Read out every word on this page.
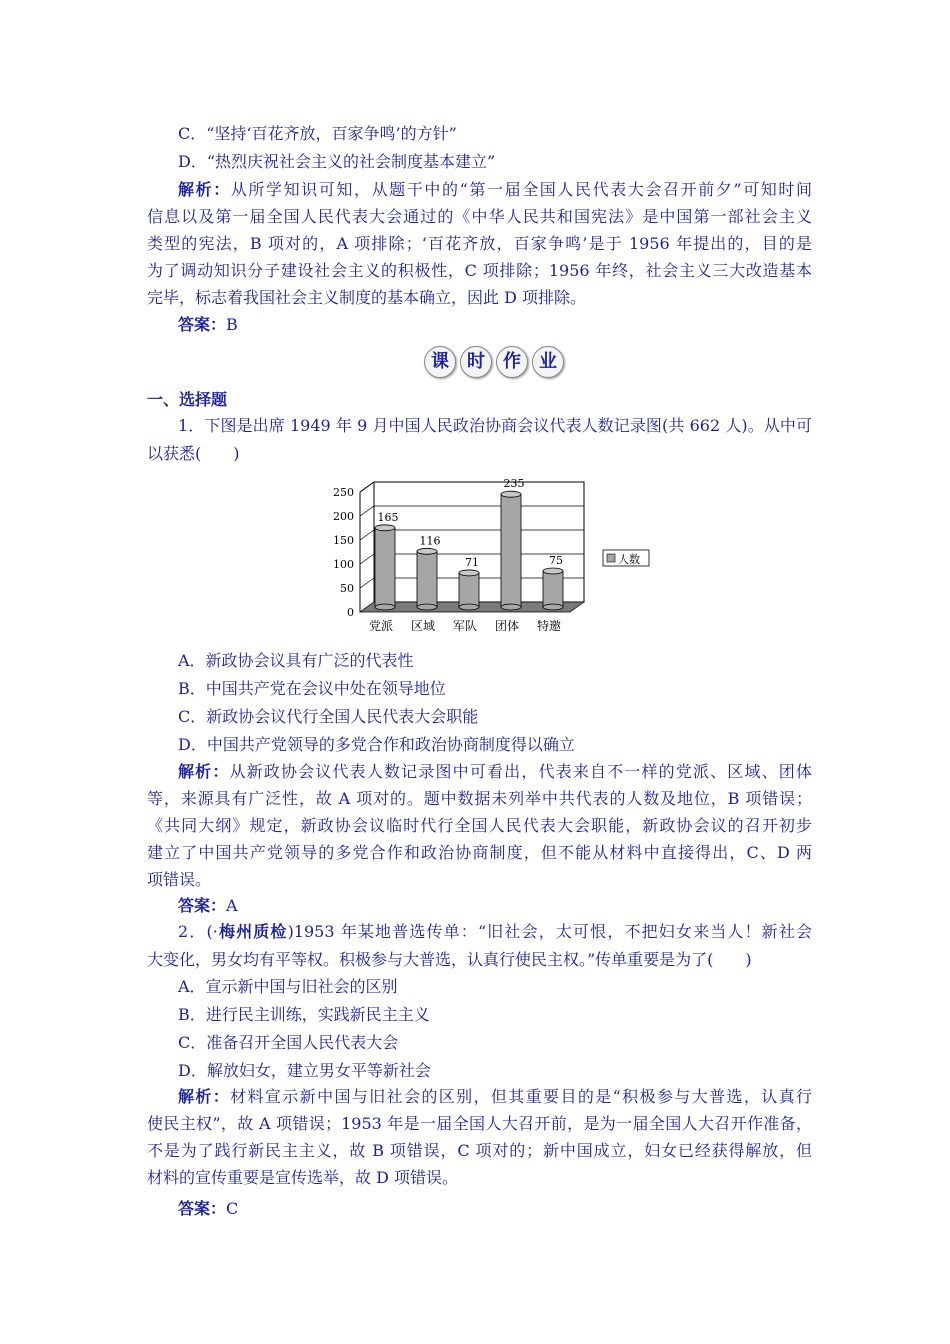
C．“坚持‘百花齐放，百家争鸣’的方针”
D．“热烈庆祝社会主义的社会制度基本建立”
解析：从所学知识可知，从题干中的“第一届全国人民代表大会召开前夕”可知时间
信息以及第一届全国人民代表大会通过的《中华人民共和国宪法》是中国第一部社会主义
类型的宪法，B 项对的，A 项排除；‘百花齐放，百家争鸣’是于 1956 年提出的，目的是
为了调动知识分子建设社会主义的积极性，C 项排除；1956 年终，社会主义三大改造基本
完毕，标志着我国社会主义制度的基本确立，因此 D 项排除。
答案：B
课	时	作	业
一、选择题
1．下图是出席 1949 年 9 月中国人民政治协商会议代表人数记录图(共 662 人)。从中可
以获悉(　　)
250
200
150
100
50
0
165
党派
116
区域
71
军队
235
团体
75
特邀
人数
A．新政协会议具有广泛的代表性
B．中国共产党在会议中处在领导地位
C．新政协会议代行全国人民代表大会职能
D．中国共产党领导的多党合作和政治协商制度得以确立
解析：从新政协会议代表人数记录图中可看出，代表来自不一样的党派、区域、团体
等，来源具有广泛性，故 A 项对的。题中数据未列举中共代表的人数及地位，B 项错误；
《共同大纲》规定，新政协会议临时代行全国人民代表大会职能，新政协会议的召开初步
建立了中国共产党领导的多党合作和政治协商制度，但不能从材料中直接得出，C、D 两
项错误。
答案：A
2．(·梅州质检)1953 年某地普选传单：“旧社会，太可恨，不把妇女来当人！新社会
大变化，男女均有平等权。积极参与大普选，认真行使民主权。”传单重要是为了(　　)
A．宣示新中国与旧社会的区别
B．进行民主训练，实践新民主主义
C．准备召开全国人民代表大会
D．解放妇女，建立男女平等新社会
解析：材料宣示新中国与旧社会的区别，但其重要目的是“积极参与大普选，认真行
使民主权”，故 A 项错误；1953 年是一届全国人大召开前，是为一届全国人大召开作准备，
不是为了践行新民主主义，故 B 项错误，C 项对的；新中国成立，妇女已经获得解放，但
材料的宣传重要是宣传选举，故 D 项错误。
答案：C
